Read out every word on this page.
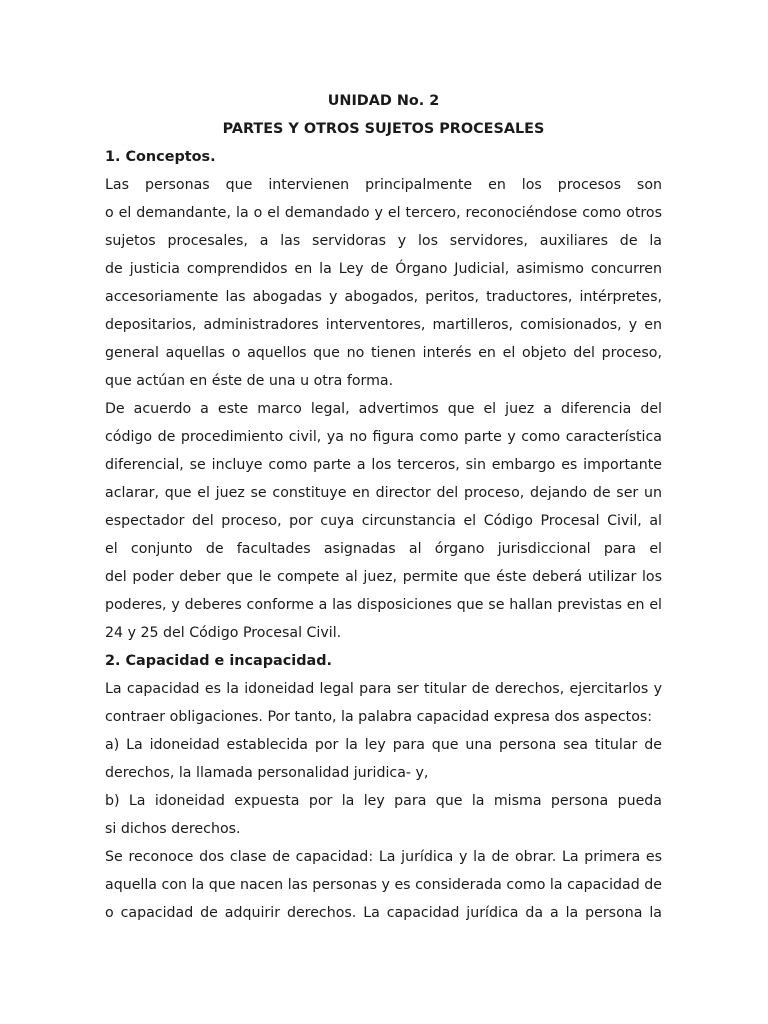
UNIDAD No. 2

PARTES Y OTROS SUJETOS PROCESALES

1. Conceptos.

Las personas que intervienen principalmente en los procesos son
o el demandante, la o el demandado y el tercero, reconociéndose como otros
sujetos procesales, a las servidoras y los servidores, auxiliares de la
de justicia comprendidos en la Ley de Órgano Judicial, asimismo concurren
accesoriamente las abogadas y abogados, peritos, traductores, intérpretes,
depositarios, administradores interventores, martilleros, comisionados, y en
general aquellas o aquellos que no tienen interés en el objeto del proceso,
que actúan en éste de una u otra forma.
De acuerdo a este marco legal, advertimos que el juez a diferencia del
código de procedimiento civil, ya no figura como parte y como característica
diferencial, se incluye como parte a los terceros, sin embargo es importante
aclarar, que el juez se constituye en director del proceso, dejando de ser un
espectador del proceso, por cuya circunstancia el Código Procesal Civil, al
el conjunto de facultades asignadas al órgano jurisdiccional para el
del poder deber que le compete al juez, permite que éste deberá utilizar los
poderes, y deberes conforme a las disposiciones que se hallan previstas en el
24 y 25 del Código Procesal Civil.

2. Capacidad e incapacidad.

La capacidad es la idoneidad legal para ser titular de derechos, ejercitarlos y
contraer obligaciones. Por tanto, la palabra capacidad expresa dos aspectos:
a) La idoneidad establecida por la ley para que una persona sea titular de
derechos, la llamada personalidad juridica- y,
b) La idoneidad expuesta por la ley para que la misma persona pueda
si dichos derechos.
Se reconoce dos clase de capacidad: La jurídica y la de obrar. La primera es
aquella con la que nacen las personas y es considerada como la capacidad de
o capacidad de adquirir derechos. La capacidad jurídica da a la persona la
